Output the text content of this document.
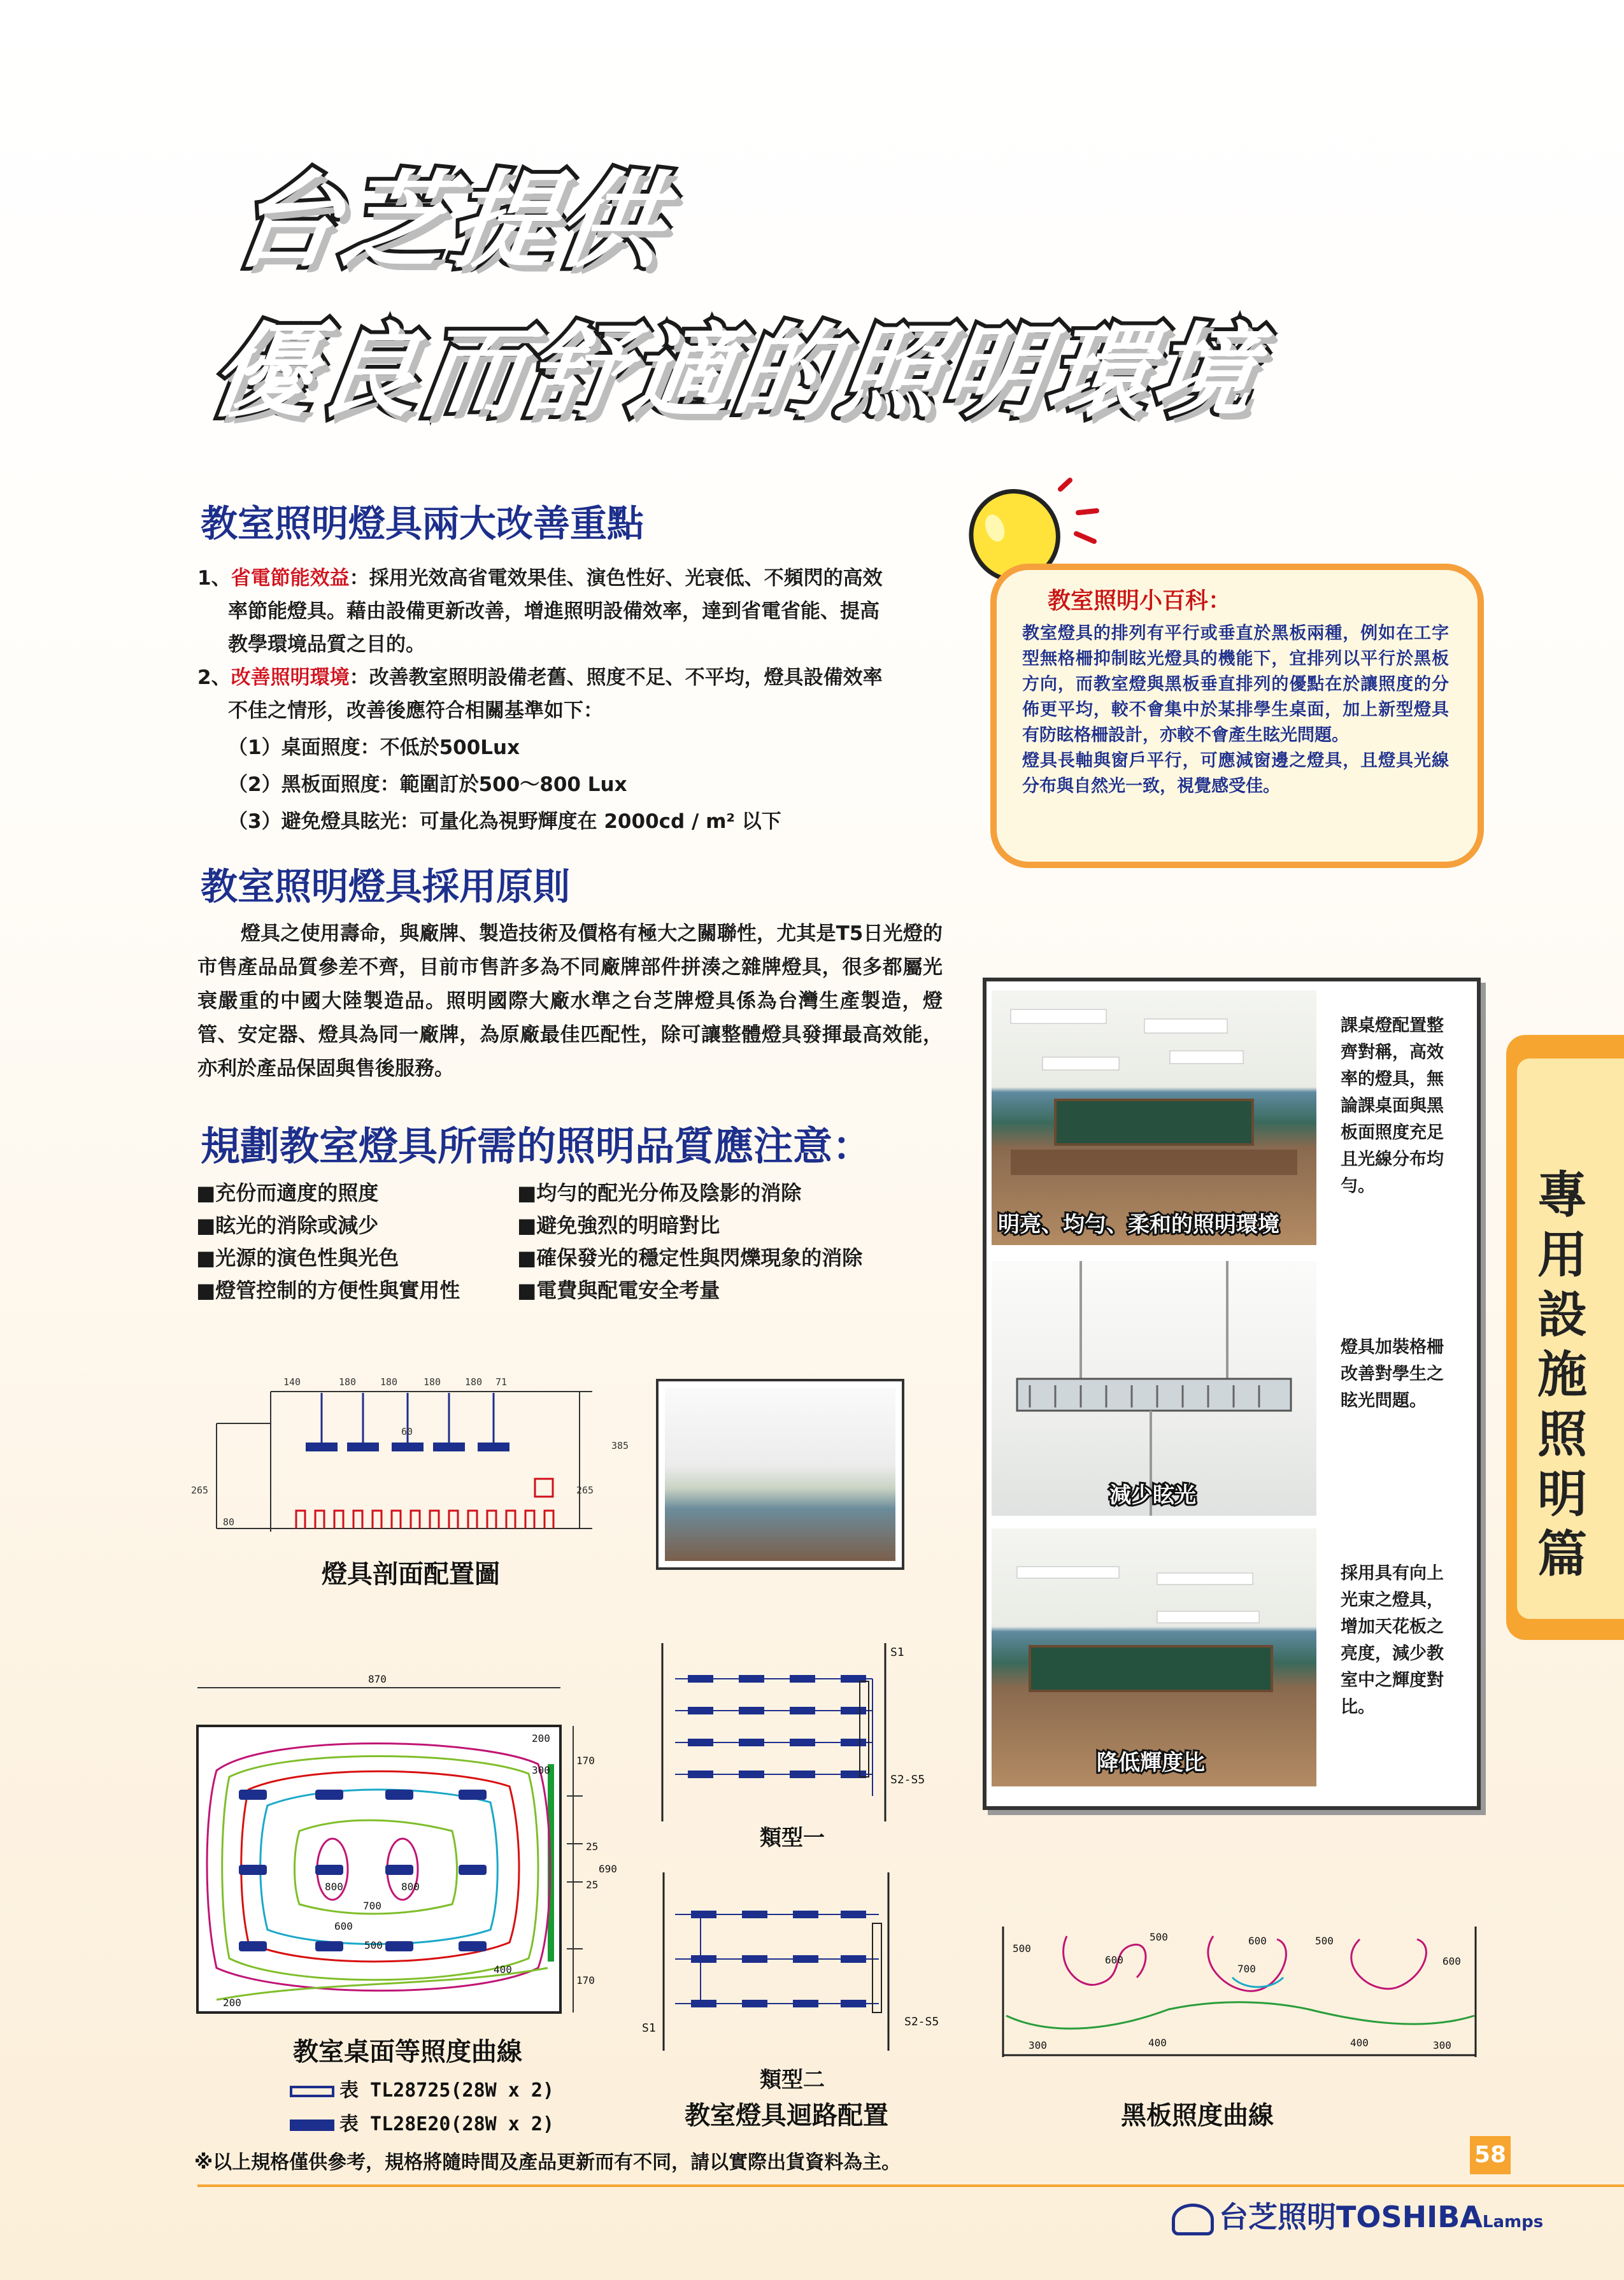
台芝提供
優良而舒適的照明環境
教室照明燈具兩大改善重點
1、省電節能效益：採用光效高省電效果佳、演色性好、光衰低、不頻閃的高效
率節能燈具。藉由設備更新改善，增進照明設備效率，達到省電省能、提高
教學環境品質之目的。
2、改善照明環境：改善教室照明設備老舊、照度不足、不平均，燈具設備效率
不佳之情形，改善後應符合相關基準如下：
（1）桌面照度：不低於500Lux
（2）黑板面照度：範圍訂於500～800 Lux
（3）避免燈具眩光：可量化為視野輝度在 2000cd / m² 以下
教室照明小百科：
教室燈具的排列有平行或垂直於黑板兩種，例如在工字型無格柵抑制眩光燈具的機能下，宜排列以平行於黑板方向，而教室燈與黑板垂直排列的優點在於讓照度的分佈更平均，較不會集中於某排學生桌面，加上新型燈具有防眩格柵設計，亦較不會產生眩光問題。
燈具長軸與窗戶平行，可應減窗邊之燈具，且燈具光線分布與自然光一致，視覺感受佳。
教室照明燈具採用原則
燈具之使用壽命，與廠牌、製造技術及價格有極大之關聯性，尤其是T5日光燈的市售產品品質參差不齊，目前市售許多為不同廠牌部件拼湊之雜牌燈具，很多都屬光衰嚴重的中國大陸製造品。照明國際大廠水準之台芝牌燈具係為台灣生產製造，燈管、安定器、燈具為同一廠牌，為原廠最佳匹配性，除可讓整體燈具發揮最高效能，亦利於產品保固與售後服務。
規劃教室燈具所需的照明品質應注意：
■充份而適度的照度
■眩光的消除或減少
■光源的演色性與光色
■燈管控制的方便性與實用性
■均勻的配光分佈及陰影的消除
■避免強烈的明暗對比
■確保發光的穩定性與閃爍現象的消除
■電費與配電安全考量
明亮、均勻、柔和的照明環境
課桌燈配置整齊對稱，高效率的燈具，無論課桌面與黑板面照度充足且光線分布均勻。
減少眩光
燈具加裝格柵改善對學生之眩光問題。
降低輝度比
採用具有向上光束之燈具，增加天花板之亮度，減少教室中之輝度對比。
專用設施照明篇
140	180	180	180	180 71
60
385
265	265
80
燈具剖面配置圖
870
200
300
170
25
690
25
170
800	800
700
600
500
400
200
教室桌面等照度曲線
表 TL28725(28W x 2)
表 TL28E20(28W x 2)
S1
S2-S5
類型一
S1	S2-S5
類型二
教室燈具迴路配置
500
600
500	600
700
500
600
300	400	400	300
黑板照度曲線
※以上規格僅供參考，規格將隨時間及產品更新而有不同，請以實際出貨資料為主。	58
台芝照明TOSHIBALamps
